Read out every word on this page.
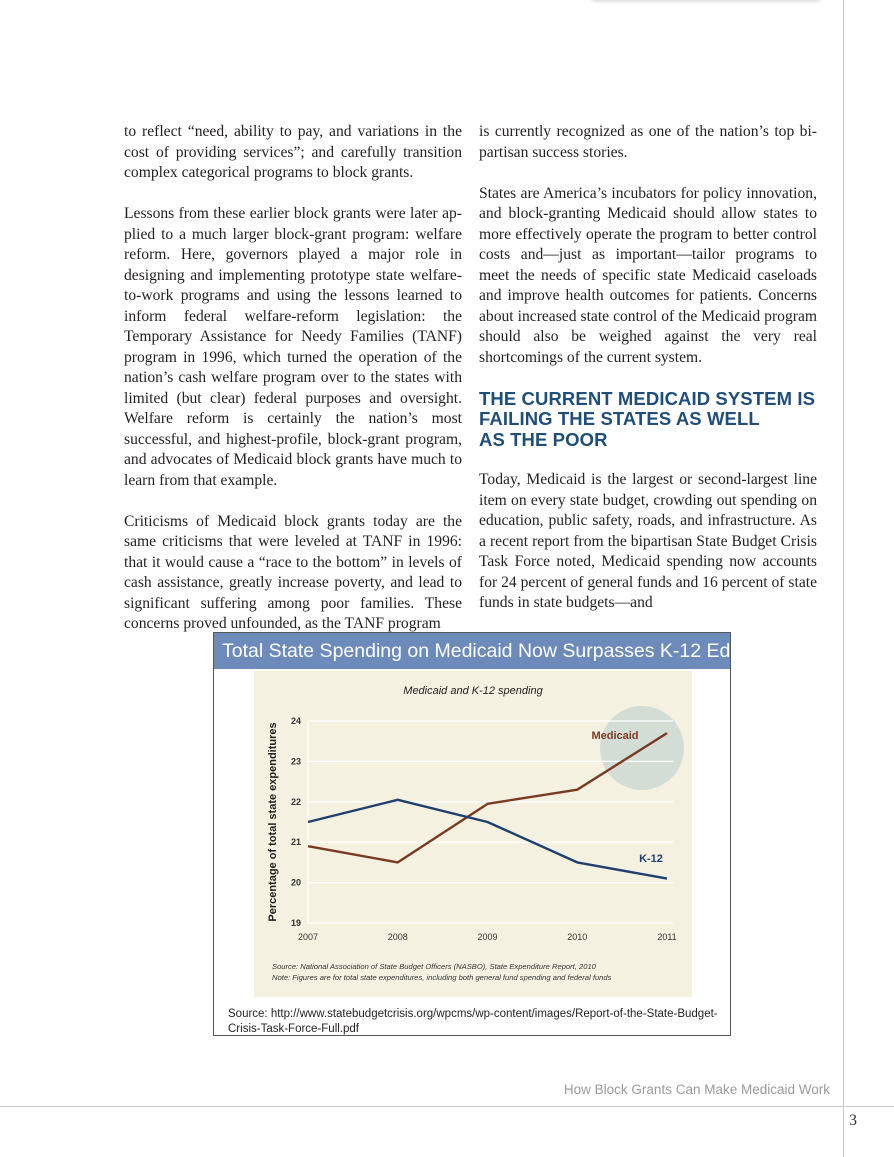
to reflect “need, ability to pay, and variations in the cost of providing services”; and carefully transition complex categorical programs to block grants.

Lessons from these earlier block grants were later applied to a much larger block-grant program: welfare reform. Here, governors played a major role in designing and implementing prototype state welfare-to-work programs and using the lessons learned to inform federal welfare-reform legislation: the Temporary Assistance for Needy Families (TANF) program in 1996, which turned the operation of the nation’s cash welfare program over to the states with limited (but clear) federal purposes and oversight. Welfare reform is certainly the nation’s most successful, and highest-profile, block-grant program, and advocates of Medicaid block grants have much to learn from that example.

Criticisms of Medicaid block grants today are the same criticisms that were leveled at TANF in 1996: that it would cause a “race to the bottom” in levels of cash assistance, greatly increase poverty, and lead to significant suffering among poor families. These concerns proved unfounded, as the TANF program

is currently recognized as one of the nation’s top bipartisan success stories.

States are America’s incubators for policy innovation, and block-granting Medicaid should allow states to more effectively operate the program to better control costs and—just as important—tailor programs to meet the needs of specific state Medicaid caseloads and improve health outcomes for patients. Concerns about increased state control of the Medicaid program should also be weighed against the very real shortcomings of the current system.

THE CURRENT MEDICAID SYSTEM IS
FAILING THE STATES AS WELL
AS THE POOR

Today, Medicaid is the largest or second-largest line item on every state budget, crowding out spending on education, public safety, roads, and infrastructure. As a recent report from the bipartisan State Budget Crisis Task Force noted, Medicaid spending now accounts for 24 percent of general funds and 16 percent of state funds in state budgets—and

Total State Spending on Medicaid Now Surpasses K-12 Education
Medicaid and K-12 spending
19
20
21
22
23
24
2007	2008	2009	2010	2011
Percentage of total state expenditures	Medicaid
K-12
Source: National Association of State Budget Officers (NASBO), State Expenditure Report, 2010
Note: Figures are for total state expenditures, including both general fund spending and federal funds
Source: http://www.statebudgetcrisis.org/wpcms/wp-content/images/Report-of-the-State-Budget-Crisis-Task-Force-Full.pdf
How Block Grants Can Make Medicaid Work
3
